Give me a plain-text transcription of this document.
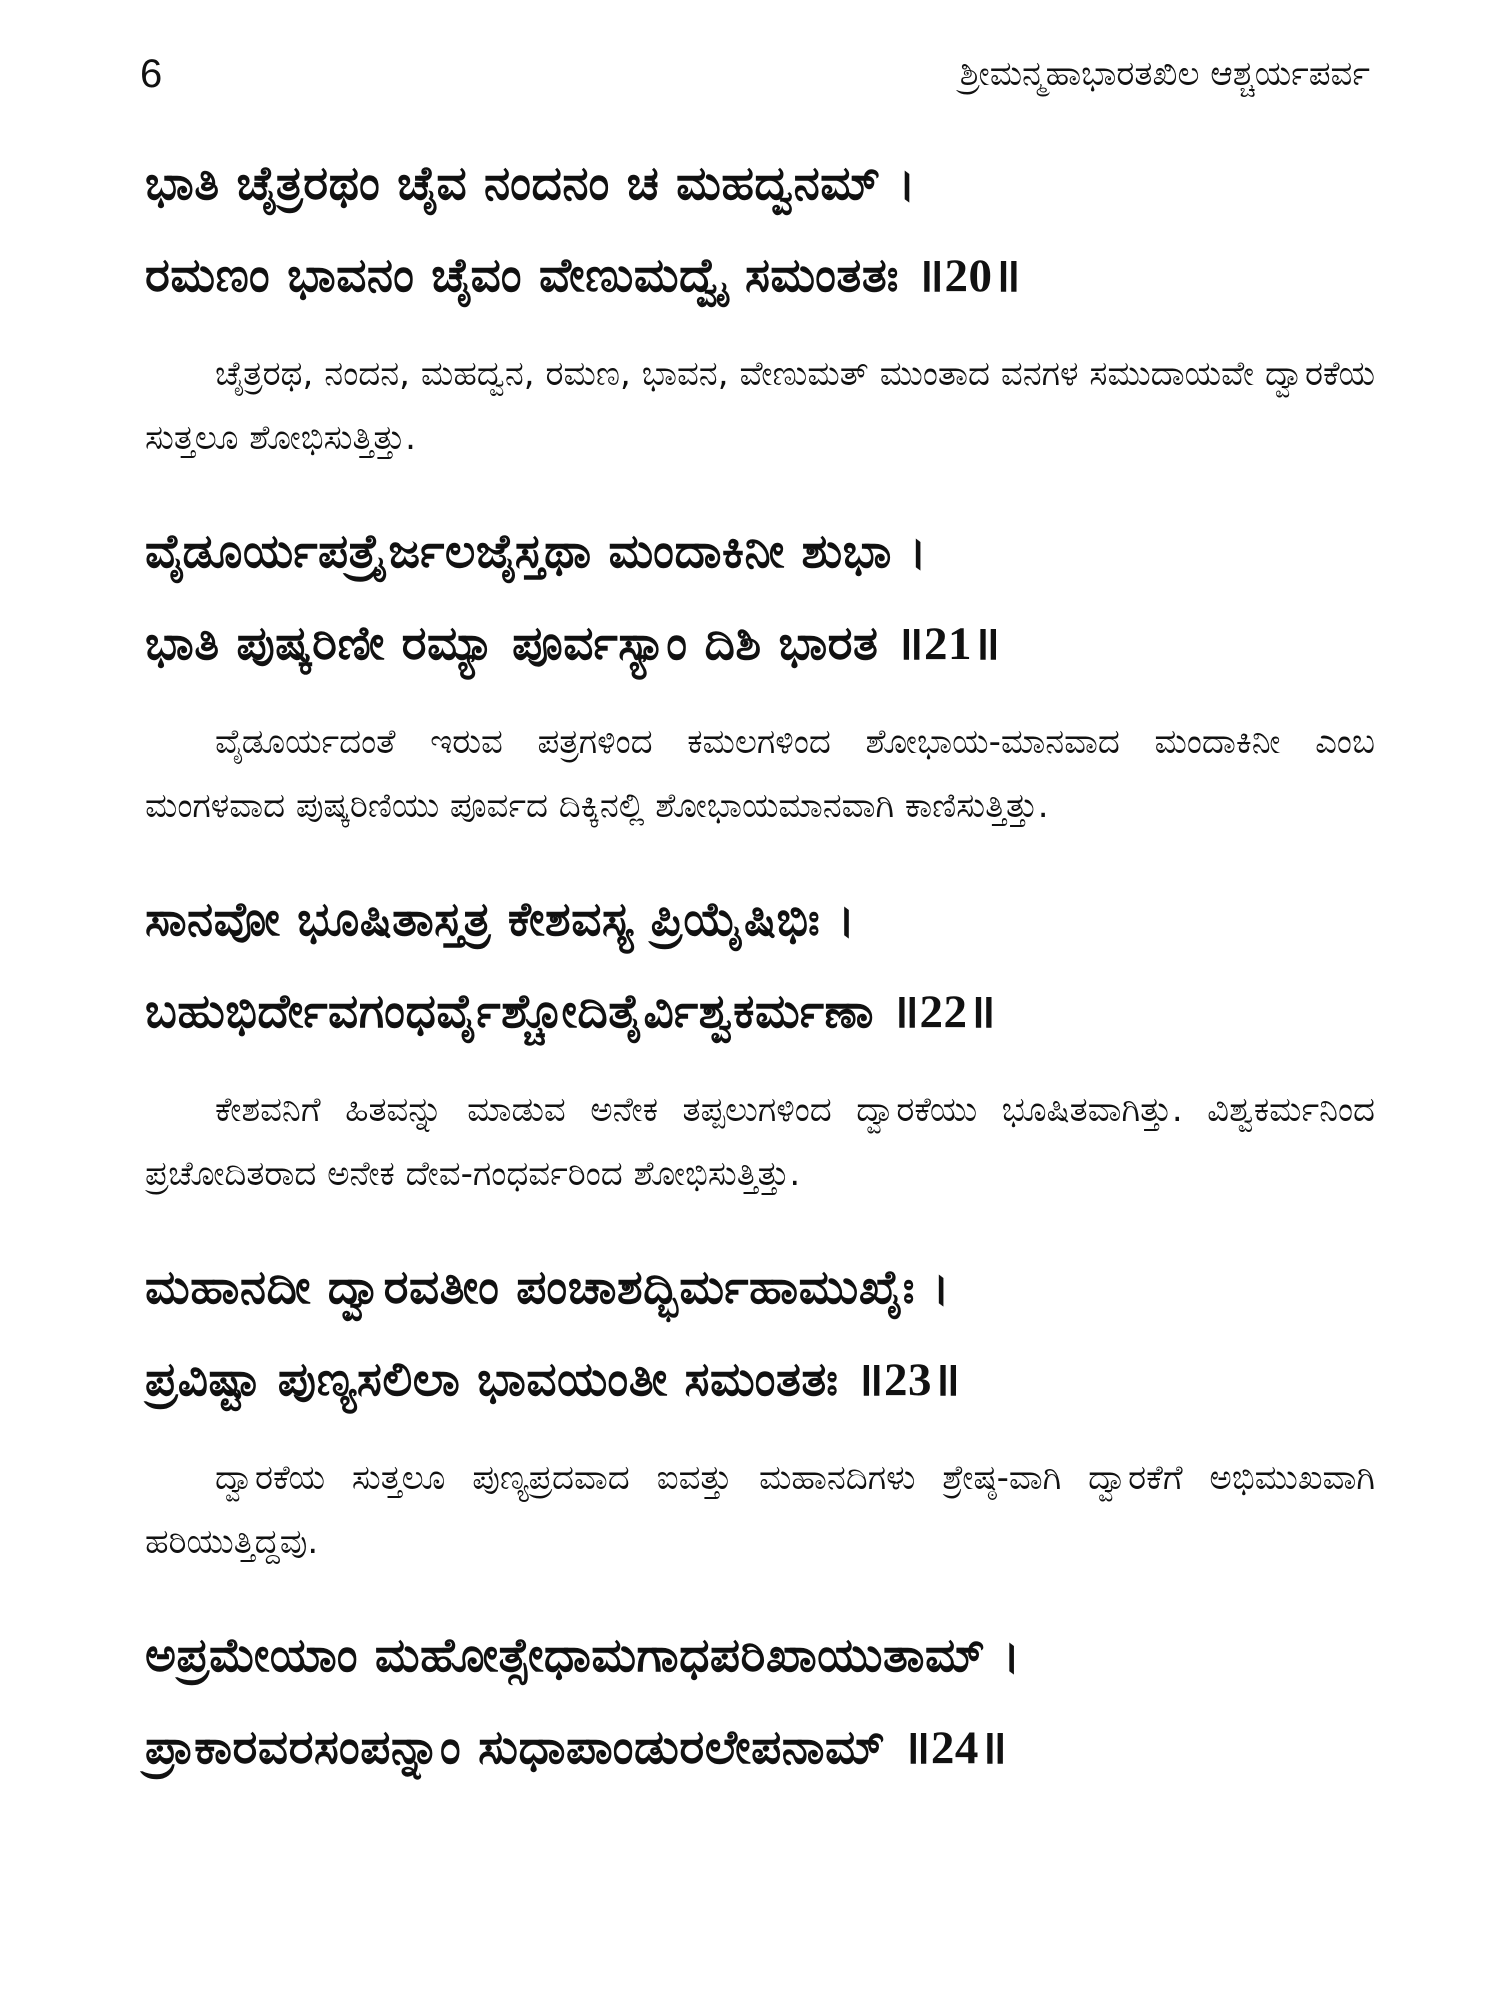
6	ಶ್ರೀಮನ್ಮಹಾಭಾರತಖಿಲ ಆಶ್ಚರ್ಯಪರ್ವ
ಭಾತಿ ಚೈತ್ರರಥಂ ಚೈವ ನಂದನಂ ಚ ಮಹದ್ವನಮ್ ।
ರಮಣಂ ಭಾವನಂ ಚೈವಂ ವೇಣುಮದ್ವೈ ಸಮಂತತಃ ॥20॥

ಚೈತ್ರರಥ, ನಂದನ, ಮಹದ್ವನ, ರಮಣ, ಭಾವನ, ವೇಣುಮತ್ ಮುಂತಾದ ವನಗಳ ಸಮುದಾಯವೇ ದ್ವಾರಕೆಯ ಸುತ್ತಲೂ ಶೋಭಿಸುತ್ತಿತ್ತು.

ವೈಡೂರ್ಯಪತ್ರೈರ್ಜಲಜೈಸ್ತಥಾ ಮಂದಾಕಿನೀ ಶುಭಾ ।
ಭಾತಿ ಪುಷ್ಕರಿಣೀ ರಮ್ಯಾ ಪೂರ್ವಸ್ಯಾಂ ದಿಶಿ ಭಾರತ ॥21॥

ವೈಡೂರ್ಯದಂತೆ ಇರುವ ಪತ್ರಗಳಿಂದ ಕಮಲಗಳಿಂದ ಶೋಭಾಯ-ಮಾನವಾದ ಮಂದಾಕಿನೀ ಎಂಬ ಮಂಗಳವಾದ ಪುಷ್ಕರಿಣಿಯು ಪೂರ್ವದ ದಿಕ್ಕಿನಲ್ಲಿ ಶೋಭಾಯಮಾನವಾಗಿ ಕಾಣಿಸುತ್ತಿತ್ತು.

ಸಾನವೋ ಭೂಷಿತಾಸ್ತತ್ರ ಕೇಶವಸ್ಯ ಪ್ರಿಯೈಷಿಭಿಃ ।
ಬಹುಭಿರ್ದೇವಗಂಧರ್ವೈಶ್ಚೋದಿತೈರ್ವಿಶ್ವಕರ್ಮಣಾ ॥22॥

ಕೇಶವನಿಗೆ ಹಿತವನ್ನು ಮಾಡುವ ಅನೇಕ ತಪ್ಪಲುಗಳಿಂದ ದ್ವಾರಕೆಯು ಭೂಷಿತವಾಗಿತ್ತು. ವಿಶ್ವಕರ್ಮನಿಂದ ಪ್ರಚೋದಿತರಾದ ಅನೇಕ ದೇವ-ಗಂಧರ್ವರಿಂದ ಶೋಭಿಸುತ್ತಿತ್ತು.

ಮಹಾನದೀ ದ್ವಾರವತೀಂ ಪಂಚಾಶದ್ಭಿರ್ಮಹಾಮುಖೈಃ ।
ಪ್ರವಿಷ್ಟಾ ಪುಣ್ಯಸಲಿಲಾ ಭಾವಯಂತೀ ಸಮಂತತಃ ॥23॥

ದ್ವಾರಕೆಯ ಸುತ್ತಲೂ ಪುಣ್ಯಪ್ರದವಾದ ಐವತ್ತು ಮಹಾನದಿಗಳು ಶ್ರೇಷ್ಠ-ವಾಗಿ ದ್ವಾರಕೆಗೆ ಅಭಿಮುಖವಾಗಿ ಹರಿಯುತ್ತಿದ್ದವು.

ಅಪ್ರಮೇಯಾಂ ಮಹೋತ್ಸೇಧಾಮಗಾಧಪರಿಖಾಯುತಾಮ್ ।
ಪ್ರಾಕಾರವರಸಂಪನ್ನಾಂ ಸುಧಾಪಾಂಡುರಲೇಪನಾಮ್ ॥24॥
